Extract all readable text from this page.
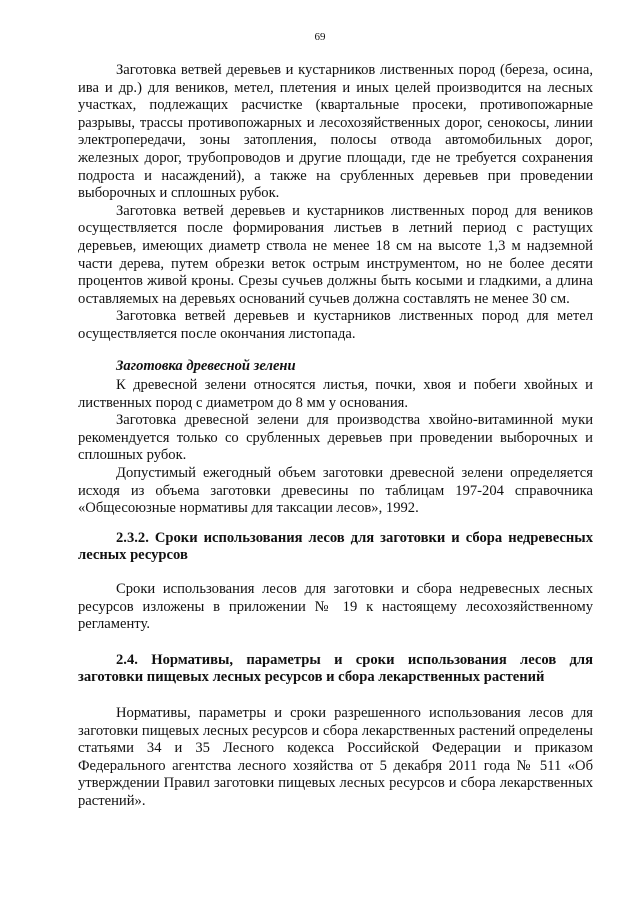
69

Заготовка ветвей деревьев и кустарников лиственных пород (береза, осина, ива и др.) для веников, метел, плетения и иных целей производится на лесных участках, подлежащих расчистке (квартальные просеки, противопожарные разрывы, трассы противопожарных и лесохозяйственных дорог, сенокосы, линии электропередачи, зоны затопления, полосы отвода автомобильных дорог, железных дорог, трубопроводов и другие площади, где не требуется сохранения подроста и насаждений), а также на срубленных деревьев при проведении выборочных и сплошных рубок.

Заготовка ветвей деревьев и кустарников лиственных пород для веников осуществляется после формирования листьев в летний период с растущих деревьев, имеющих диаметр ствола не менее 18 см на высоте 1,3 м надземной части дерева, путем обрезки веток острым инструментом, но не более десяти процентов живой кроны. Срезы сучьев должны быть косыми и гладкими, а длина оставляемых на деревьях оснований сучьев должна составлять не менее 30 см.

Заготовка ветвей деревьев и кустарников лиственных пород для метел осуществляется после окончания листопада.

Заготовка древесной зелени

К древесной зелени относятся листья, почки, хвоя и побеги хвойных и лиственных пород с диаметром до 8 мм у основания.

Заготовка древесной зелени для производства хвойно-витаминной муки рекомендуется только со срубленных деревьев при проведении выборочных и сплошных рубок.

Допустимый ежегодный объем заготовки древесной зелени определяется исходя из объема заготовки древесины по таблицам 197-204 справочника «Общесоюзные нормативы для таксации лесов», 1992.

2.3.2. Сроки использования лесов для заготовки и сбора недревесных лесных ресурсов

Сроки использования лесов для заготовки и сбора недревесных лесных ресурсов изложены в приложении № 19 к настоящему лесохозяйственному регламенту.

2.4. Нормативы, параметры и сроки использования лесов для заготовки пищевых лесных ресурсов и сбора лекарственных растений

Нормативы, параметры и сроки разрешенного использования лесов для заготовки пищевых лесных ресурсов и сбора лекарственных растений определены статьями 34 и 35 Лесного кодекса Российской Федерации и приказом Федерального агентства лесного хозяйства от 5 декабря 2011 года № 511 «Об утверждении Правил заготовки пищевых лесных ресурсов и сбора лекарственных растений».
